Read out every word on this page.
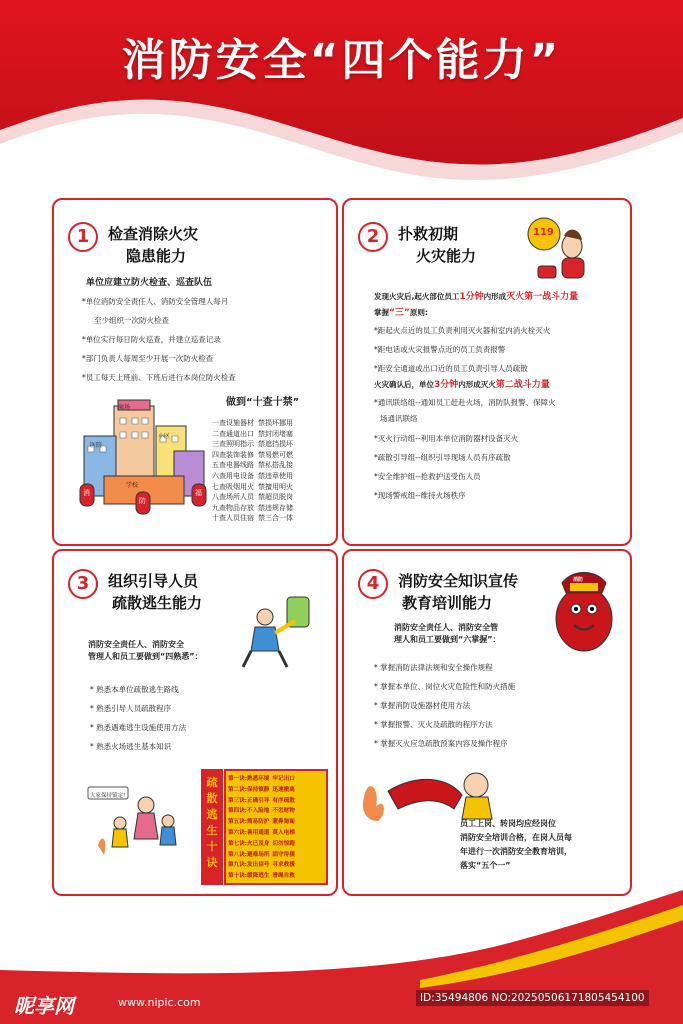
消防安全“四个能力”
昵享网	www.nipic.com	ID:35494806 NO:20250506171805454100
1	检查消除火灾
隐患能力
单位应建立防火检查、巡查队伍
*单位消防安全责任人、消防安全管理人每月
至少组织一次防火检查
*单位实行每日防火巡查，并建立巡查记录
*部门负责人每周至少开展一次防火检查
*员工每天上班前、下班后进行本岗位防火检查
商场
小区
医院
学校
消
防
福
做到“十查十禁”
一查设施器材 禁损坏挪用
二查通道出口 禁封闭堵塞
三查照明指示 禁遮挡损坏
四查装饰装修 禁易燃可燃
五查电器线路 禁私搭乱接
六查用电设备 禁违章使用
七查吸烟用火 禁擅用明火
八查场所人员 禁超员脱岗
九查物品存放 禁违规存储
十查人员住宿 禁三合一体
2	扑救初期
火灾能力
119
发现火灾后,起火部位员工1分钟内形成灭火第一战斗力量
掌握“三”原则:
*距起火点近的员工负责利用灭火器和室内消火栓灭火
*距电话或火灾报警点近的员工负责报警
*距安全通道或出口近的员工负责引导人员疏散
火灾确认后，单位3分钟内形成灭火第二战斗力量
*通讯联络组--通知员工赶赴火场，消防队报警、保障火
场通讯联络
*灭火行动组--利用本单位消防器材设备灭火
*疏散引导组--组织引导现场人员有序疏散
*安全维护组--抢救护送受伤人员
*现场警戒组--维持火场秩序
3	组织引导人员
疏散逃生能力
消防安全责任人、消防安全
管理人和员工要做到“四熟悉”：
* 熟悉本单位疏散逃生路线
* 熟悉引导人员疏散程序
* 熟悉遇难逃生设施使用方法
* 熟悉火场逃生基本知识
大家保持镇定!
疏散逃生十诀
第一诀:熟悉环境 牢记出口
第二诀:保持镇静 迅速撤离
第三诀:正确引导 有序疏散
第四诀:不入险地 不恋财物
第五诀:简易防护 蒙鼻匍匐
第六诀:善用通道 莫入电梯
第七诀:火已及身 切勿惊跑
第八诀:避难场所 固守待援
第九诀:发出信号 寻求救援
第十诀:缓降逃生 滑绳自救
4	消防安全知识宣传
教育培训能力
消防
消防安全责任人、消防安全管
理人和员工要做到“六掌握”：
* 掌握消防法律法规和安全操作规程
* 掌握本单位、岗位火灾危险性和防火措施
* 掌握消防设施器材使用方法
* 掌握报警、灭火及疏散的程序方法
* 掌握灭火应急疏散预案内容及操作程序
员工上岗、转岗均应经岗位
消防安全培训合格，在岗人员每
年进行一次消防安全教育培训，
落实“五个一”
